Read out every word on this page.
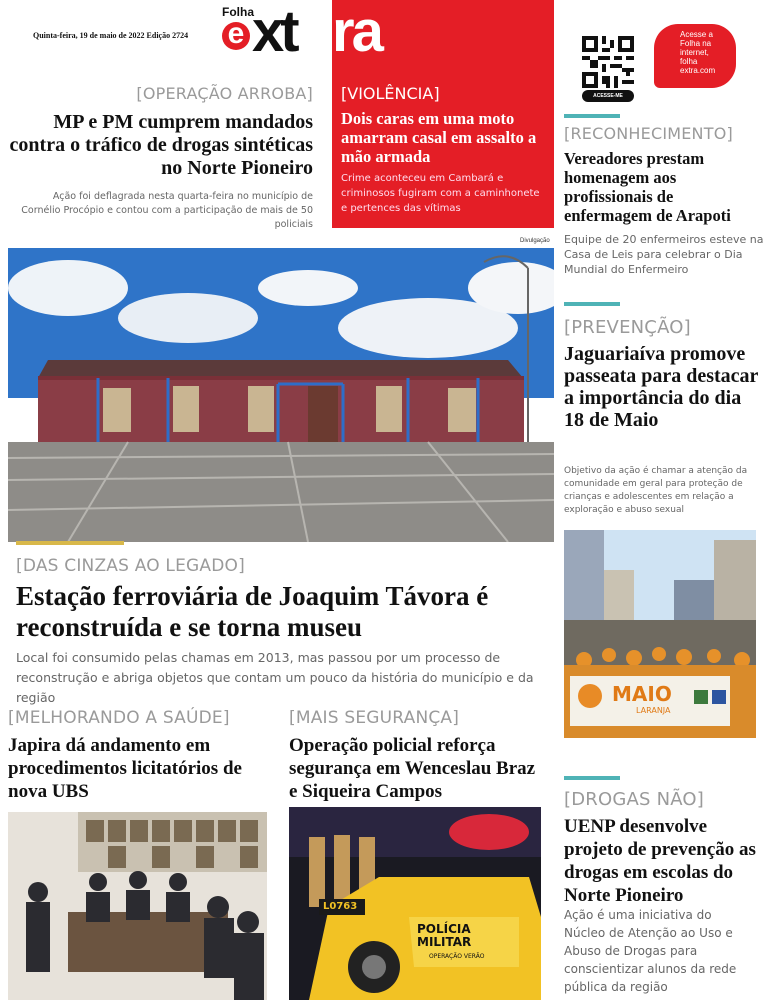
Quinta-feira, 19 de maio de 2022 Edição 2724
Folha
e xt ra
ACESSE-ME
Acesse a Folha na internet, folha extra.com
[OPERAÇÃO ARROBA]
MP e PM cumprem mandados contra o tráfico de drogas sintéticas no Norte Pioneiro
Ação foi deflagrada nesta quarta-feira no município de Cornélio Procópio e contou com a participação de mais de 50 policiais
[VIOLÊNCIA]
Dois caras em uma moto amarram casal em assalto a mão armada
Crime aconteceu em Cambará e criminosos fugiram com a caminhonete e pertences das vítimas
[RECONHECIMENTO]
Vereadores prestam homenagem aos profissionais de enfermagem de Arapoti
Equipe de 20 enfermeiros esteve na Casa de Leis para celebrar o Dia Mundial do Enfermeiro
[PREVENÇÃO]
Jaguariaíva promove passeata para destacar a importância do dia 18 de Maio
Objetivo da ação é chamar a atenção da comunidade em geral para proteção de crianças e adolescentes em relação a exploração e abuso sexual
MAIO
LARANJA
[DROGAS NÃO]
UENP desenvolve projeto de prevenção as drogas em escolas do Norte Pioneiro
Ação é uma iniciativa do Núcleo de Atenção ao Uso e Abuso de Drogas para conscientizar alunos da rede pública da região
Divulgação
[DAS CINZAS AO LEGADO]
Estação ferroviária de Joaquim Távora é reconstruída e se torna museu
Local foi consumido pelas chamas em 2013, mas passou por um processo de reconstrução e abriga objetos que contam um pouco da história do município e da região
[MELHORANDO A SAÚDE]
Japira dá andamento em procedimentos licitatórios de nova UBS
[MAIS SEGURANÇA]
Operação policial reforça segurança em Wenceslau Braz e Siqueira Campos
L0763
POLÍCIA MILITAR
OPERAÇÃO VERÃO
